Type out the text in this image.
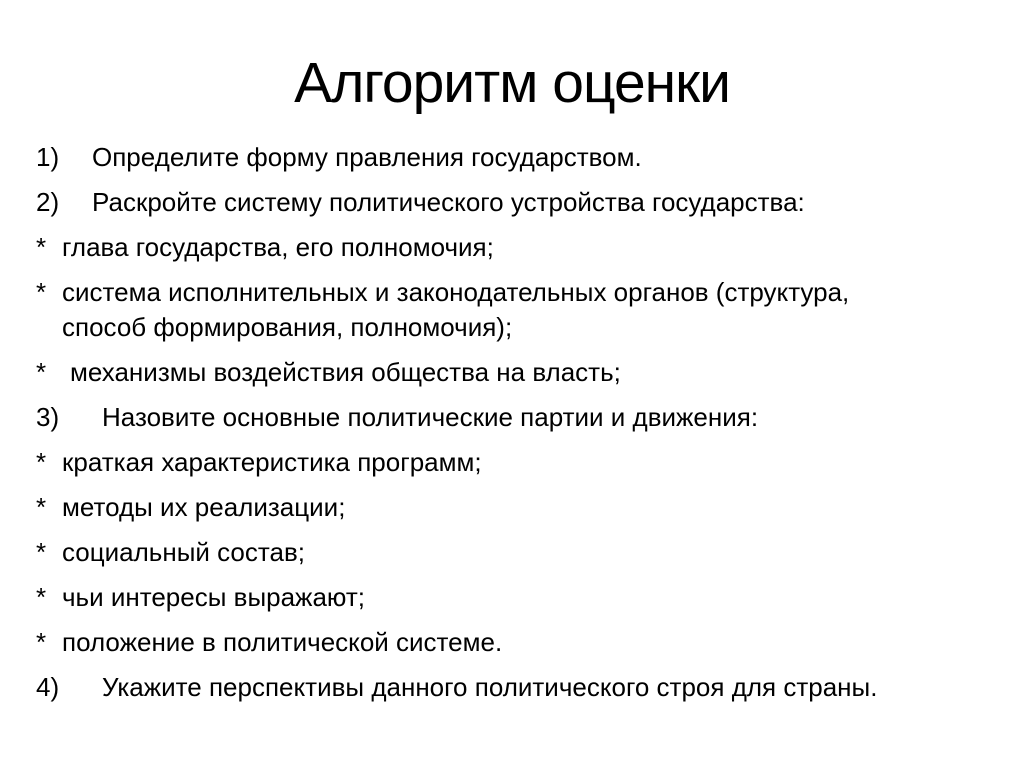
Алгоритм оценки
1)	Определите форму правления государством.
2)	Раскройте систему политического устройства государства:
* глава государства, его полномочия;
* система исполнительных и законодательных органов (структура, способ формирования, полномочия);
* механизмы воздействия общества на власть;
3)	Назовите основные политические партии и движения:
* краткая характеристика программ;
* методы их реализации;
* социальный состав;
* чьи интересы выражают;
* положение в политической системе.
4)	Укажите перспективы данного политического строя для страны.
